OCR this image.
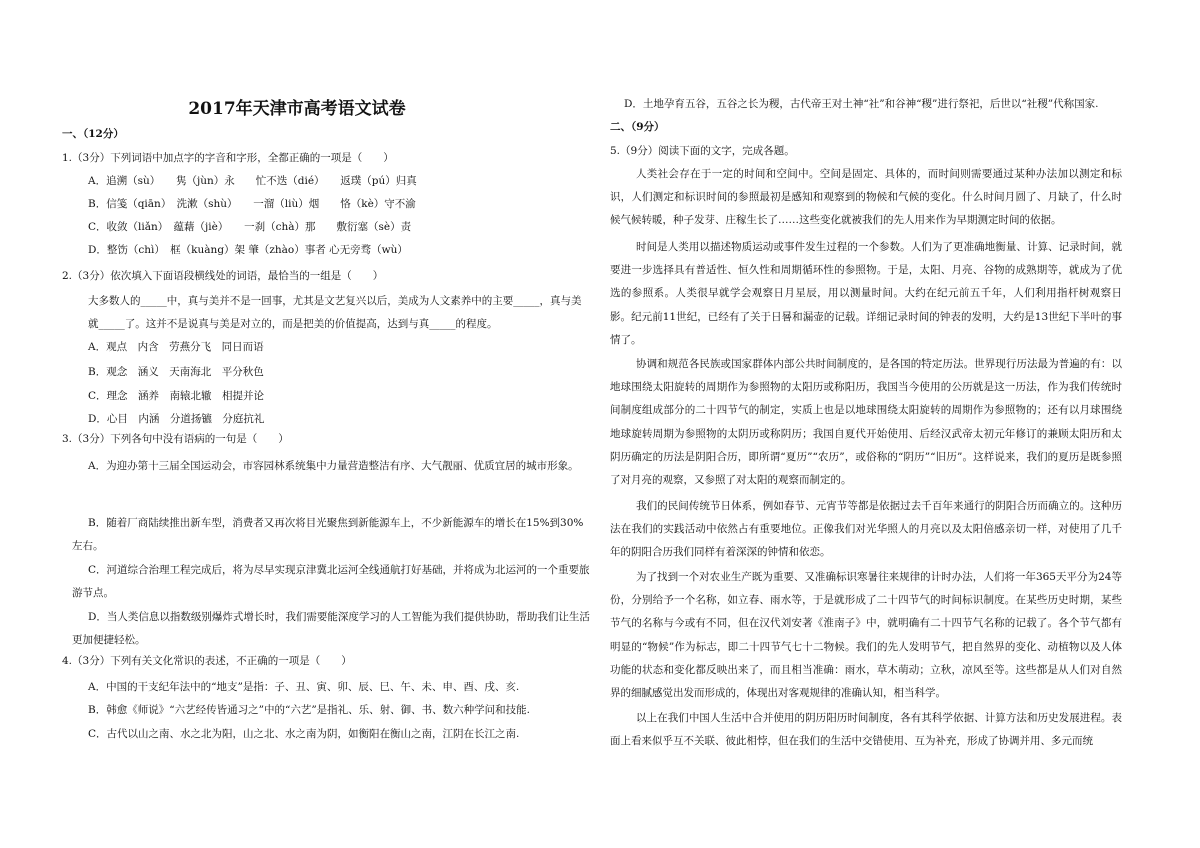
2017年天津市高考语文试卷
一、（12分）
1.（3分）下列词语中加点字的字音和字形，全都正确的一项是（　　）
A．追溯（sù）　　隽（jùn）永　　忙不迭（dié）　　返璞（pú）归真
B．信笺（qiān）　洗漱（shù）　　一溜（liù）烟　　恪（kè）守不渝
C．收敛（liǎn）　蕴藉（jiè）　　一刹（chà）那　　敷衍塞（sè）责
D．整饬（chì）　框（kuàng）架 肇（zhào）事者 心无旁骛（wù）
2.（3分）依次填入下面语段横线处的词语，最恰当的一组是（　　）
大多数人的_____中，真与美并不是一回事，尤其是文艺复兴以后，美成为人文素养中的主要_____，真与美
就_____了。这并不是说真与美是对立的，而是把美的价值提高，达到与真_____的程度。
A．观点　内含　劳燕分飞　同日而语
B．观念　涵义　天南海北　平分秋色
C．理念　涵养　南辕北辙　相提并论
D．心目　内涵　分道扬镳　分庭抗礼
3.（3分）下列各句中没有语病的一句是（　　）
A．为迎办第十三届全国运动会，市容园林系统集中力量营造整洁有序、大气靓丽、优质宜居的城市形象。
B．随着厂商陆续推出新车型，消费者又再次将目光聚焦到新能源车上，不少新能源车的增长在15%到30%
左右。
C．河道综合治理工程完成后，将为尽早实现京津冀北运河全线通航打好基础，并将成为北运河的一个重要旅
游节点。
D．当人类信息以指数级别爆炸式增长时，我们需要能深度学习的人工智能为我们提供协助，帮助我们让生活
更加便捷轻松。
4.（3分）下列有关文化常识的表述，不正确的一项是（　　）
A．中国的干支纪年法中的“地支”是指：子、丑、寅、卯、辰、巳、午、未、申、酉、戌、亥.
B．韩愈《师说》“六艺经传皆通习之”中的“六艺”是指礼、乐、射、御、书、数六种学问和技能.
C．古代以山之南、水之北为阳，山之北、水之南为阴，如衡阳在衡山之南，江阴在长江之南.
D．土地孕育五谷，五谷之长为稷，古代帝王对土神“社”和谷神“稷”进行祭祀，后世以“社稷”代称国家.
二、（9分）
5.（9分）阅读下面的文字，完成各题。
人类社会存在于一定的时间和空间中。空间是固定、具体的，而时间则需要通过某种办法加以测定和标识，人们测定和标识时间的参照最初是感知和观察到的物候和气候的变化。什么时间月圆了、月缺了，什么时候气候转暖，种子发芽、庄稼生长了……这些变化就被我们的先人用来作为早期测定时间的依据。
时间是人类用以描述物质运动或事件发生过程的一个参数。人们为了更准确地衡量、计算、记录时间，就要进一步选择具有普适性、恒久性和周期循环性的参照物。于是，太阳、月亮、谷物的成熟期等，就成为了优选的参照系。人类很早就学会观察日月星辰，用以测量时间。大约在纪元前五千年，人们利用指杆树观察日影。纪元前11世纪，已经有了关于日晷和漏壶的记载。详细记录时间的钟表的发明，大约是13世纪下半叶的事情了。
协调和规范各民族或国家群体内部公共时间制度的，是各国的特定历法。世界现行历法最为普遍的有：以地球围绕太阳旋转的周期作为参照物的太阳历或称阳历，我国当今使用的公历就是这一历法，作为我们传统时间制度组成部分的二十四节气的制定，实质上也是以地球围绕太阳旋转的周期作为参照物的；还有以月球围绕地球旋转周期为参照物的太阴历或称阴历；我国自夏代开始使用、后经汉武帝太初元年修订的兼顾太阳历和太阴历确定的历法是阴阳合历，即所谓“夏历”“农历”，或俗称的“阴历”“旧历”。这样说来，我们的夏历是既参照了对月亮的观察，又参照了对太阳的观察而制定的。
我们的民间传统节日体系，例如春节、元宵节等都是依据过去千百年来通行的阴阳合历而确立的。这种历法在我们的实践活动中依然占有重要地位。正像我们对光华照人的月亮以及太阳倍感亲切一样，对使用了几千年的阴阳合历我们同样有着深深的钟情和依恋。
为了找到一个对农业生产既为重要、又准确标识寒暑往来规律的计时办法，人们将一年365天平分为24等份，分别给予一个名称，如立春、雨水等，于是就形成了二十四节气的时间标识制度。在某些历史时期，某些节气的名称与今或有不同，但在汉代刘安著《淮南子》中，就明确有二十四节气名称的记载了。各个节气都有明显的“物候”作为标志，即二十四节气七十二物候。我们的先人发明节气，把自然界的变化、动植物以及人体功能的状态和变化都反映出来了，而且相当准确：雨水，草木萌动；立秋，凉风至等。这些都是从人们对自然界的细腻感觉出发而形成的，体现出对客观规律的准确认知，相当科学。
以上在我们中国人生活中合并使用的阴历阳历时间制度，各有其科学依据、计算方法和历史发展进程。表面上看来似乎互不关联、彼此相悖，但在我们的生活中交错使用、互为补充，形成了协调并用、多元而统
